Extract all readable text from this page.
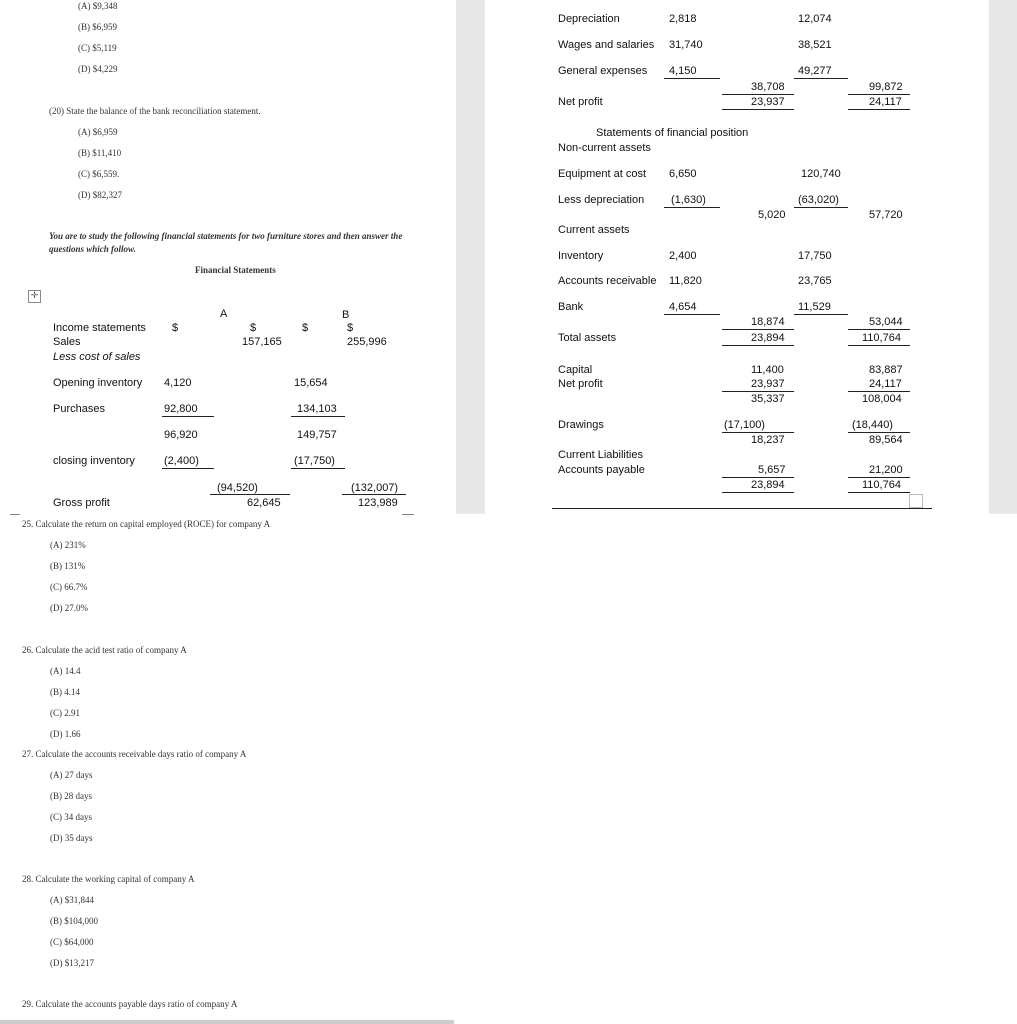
(A) $9,348
(B) $6,959
(C) $5,119
(D) $4,229
(20) State the balance of the bank reconciliation statement.
(A) $6,959
(B) $11,410
(C) $6,559.
(D) $82,327
You are to study the following financial statements for two furniture stores and then answer the
questions which follow.
Financial Statements
✛
A	B
Income statements $	$	$	$
Sales	157,165	255,996
Less cost of sales
Opening inventory 4,120	15,654
Purchases	92,800	134,103
96,920	149,757
closing inventory	(2,400)	(17,750)
(94,520)	(132,007)
Gross profit	62,645	123,989
Depreciation	2,818	12,074
Wages and salaries 31,740	38,521
General expenses 4,150	49,277
38,708	99,872
Net profit	23,937	24,117
Statements of financial position
Non-current assets
Equipment at cost 6,650	120,740
Less depreciation (1,630)	(63,020)
5,020	57,720
Current assets
Inventory	2,400	17,750
Accounts receivable 11,820	23,765
Bank	4,654	11,529
18,874	53,044
Total assets	23,894	110,764
Capital	11,400	83,887
Net profit	23,937	24,117
35,337	108,004
Drawings	(17,100)	(18,440)
18,237	89,564
Current Liabilities
Accounts payable	5,657	21,200
23,894	110,764
25. Calculate the return on capital employed (ROCE) for company A
(A) 231%
(B) 131%
(C) 66.7%
(D) 27.0%
26. Calculate the acid test ratio of company A
(A) 14.4
(B) 4.14
(C) 2.91
(D) 1.66
27. Calculate the accounts receivable days ratio of company A
(A) 27 days
(B) 28 days
(C) 34 days
(D) 35 days
28. Calculate the working capital of company A
(A) $31,844
(B) $104,000
(C) $64,000
(D) $13,217
29. Calculate the accounts payable days ratio of company A
